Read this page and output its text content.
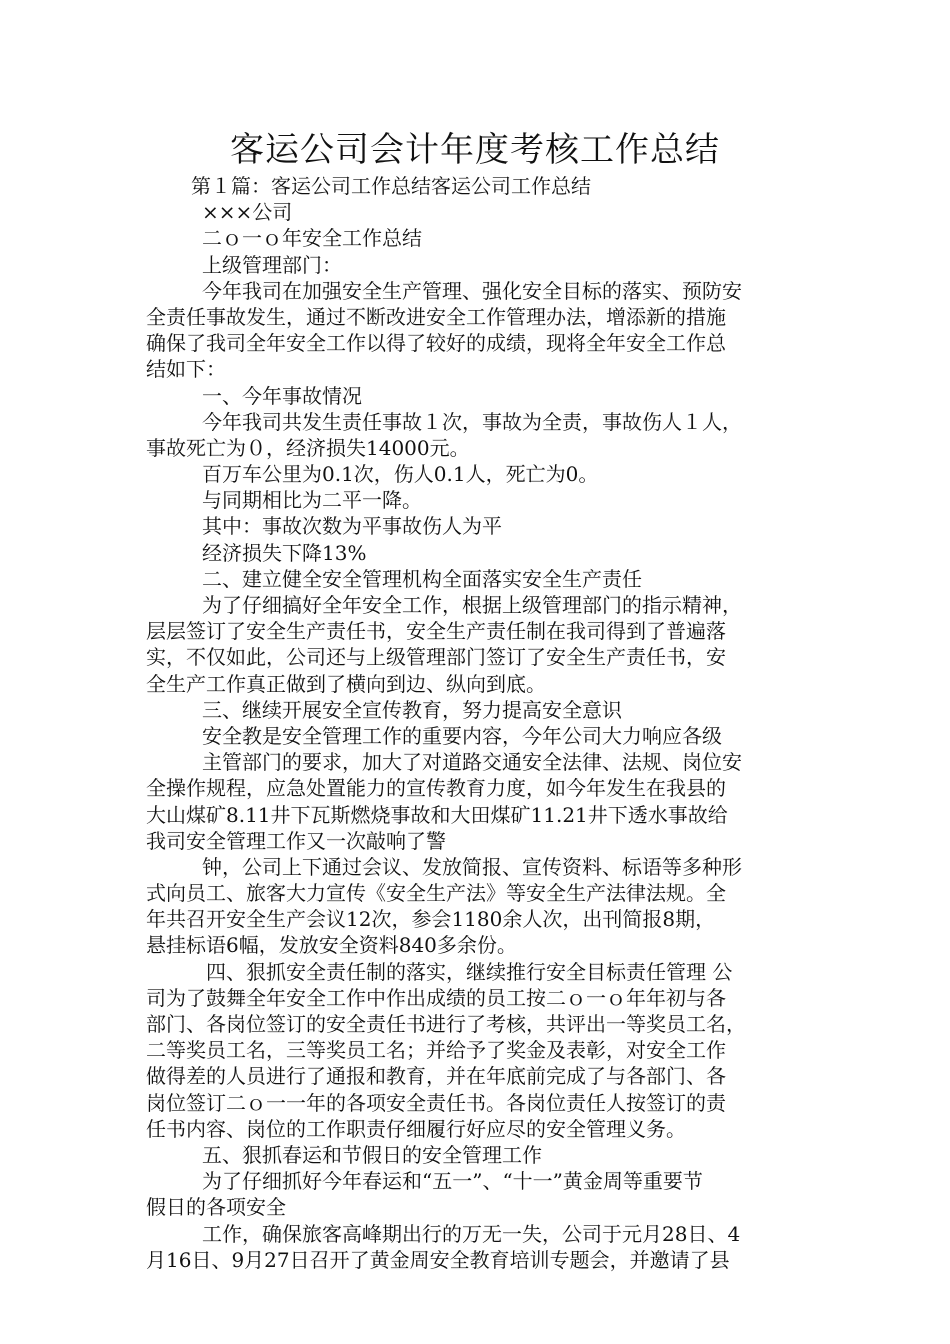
客运公司会计年度考核工作总结
第１篇：客运公司工作总结客运公司工作总结
×××公司
二ｏ一ｏ年安全工作总结
上级管理部门：
今年我司在加强安全生产管理、强化安全目标的落实、预防安
全责任事故发生，通过不断改进安全工作管理办法，增添新的措施
确保了我司全年安全工作以得了较好的成绩，现将全年安全工作总
结如下：
一、今年事故情况
今年我司共发生责任事故１次，事故为全责，事故伤人１人，
事故死亡为０，经济损失14000元。
百万车公里为0.1次，伤人0.1人，死亡为0。
与同期相比为二平一降。
其中：事故次数为平事故伤人为平
经济损失下降13%
二、建立健全安全管理机构全面落实安全生产责任
为了仔细搞好全年安全工作，根据上级管理部门的指示精神，
层层签订了安全生产责任书，安全生产责任制在我司得到了普遍落
实，不仅如此，公司还与上级管理部门签订了安全生产责任书，安
全生产工作真正做到了横向到边、纵向到底。
三、继续开展安全宣传教育，努力提高安全意识
安全教是安全管理工作的重要内容，今年公司大力响应各级
主管部门的要求，加大了对道路交通安全法律、法规、岗位安
全操作规程，应急处置能力的宣传教育力度，如今年发生在我县的
大山煤矿8.11井下瓦斯燃烧事故和大田煤矿11.21井下透水事故给
我司安全管理工作又一次敲响了警
钟，公司上下通过会议、发放简报、宣传资料、标语等多种形
式向员工、旅客大力宣传《安全生产法》等安全生产法律法规。全
年共召开安全生产会议12次，参会1180余人次，出刊简报8期，
悬挂标语6幅，发放安全资料840多余份。
四、狠抓安全责任制的落实，继续推行安全目标责任管理 公
司为了鼓舞全年安全工作中作出成绩的员工按二ｏ一ｏ年年初与各
部门、各岗位签订的安全责任书进行了考核，共评出一等奖员工名，
二等奖员工名，三等奖员工名；并给予了奖金及表彰，对安全工作
做得差的人员进行了通报和教育，并在年底前完成了与各部门、各
岗位签订二ｏ一一年的各项安全责任书。各岗位责任人按签订的责
任书内容、岗位的工作职责仔细履行好应尽的安全管理义务。
五、狠抓春运和节假日的安全管理工作
为了仔细抓好今年春运和“五一”、“十一”黄金周等重要节
假日的各项安全
工作，确保旅客高峰期出行的万无一失，公司于元月28日、4
月16日、9月27日召开了黄金周安全教育培训专题会，并邀请了县
